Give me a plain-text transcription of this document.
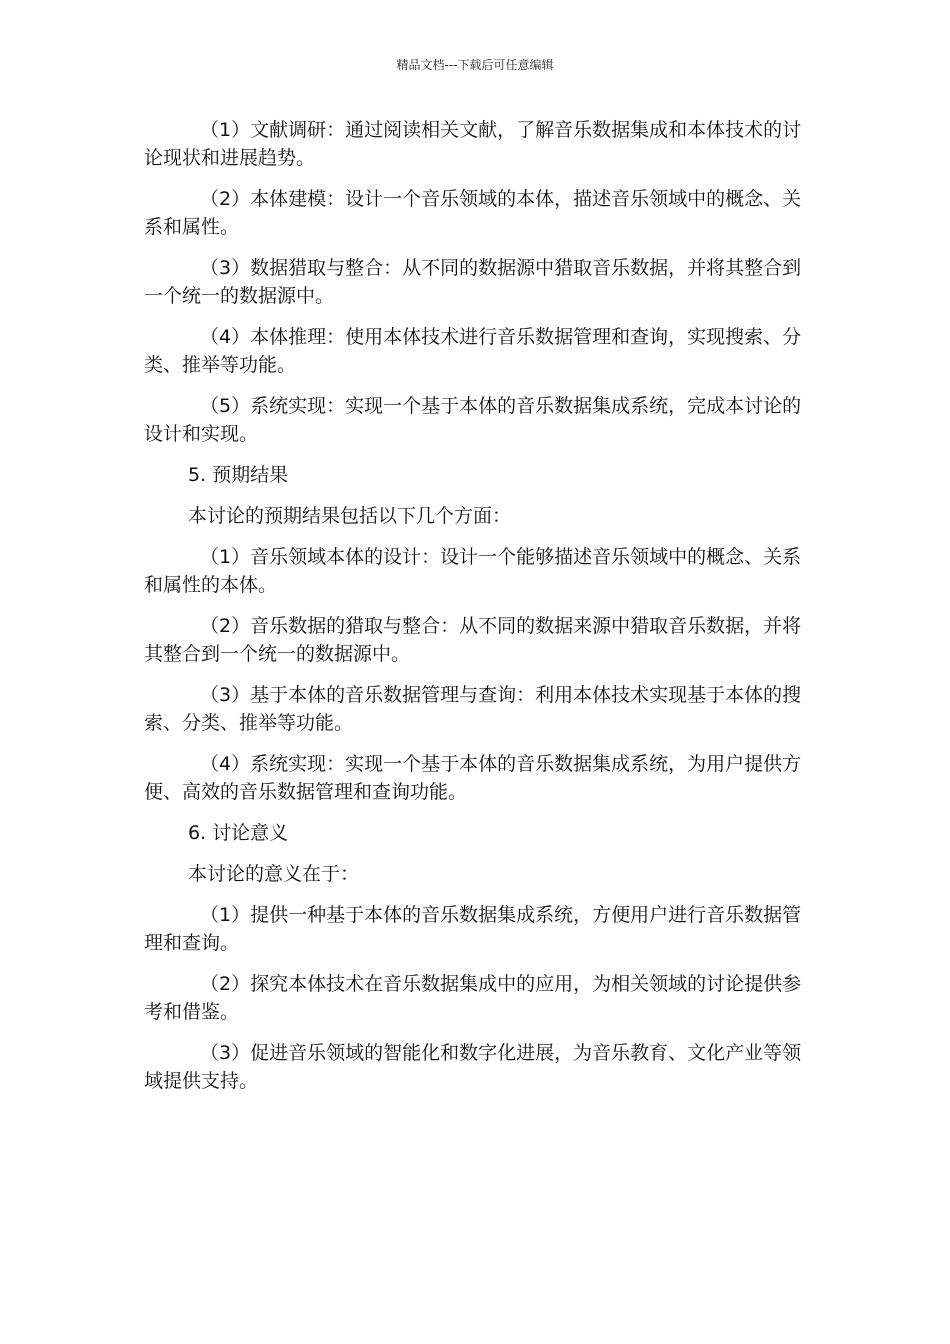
精品文档---下载后可任意编辑

（1）文献调研：通过阅读相关文献，了解音乐数据集成和本体技术的讨论现状和进展趋势。

（2）本体建模：设计一个音乐领域的本体，描述音乐领域中的概念、关系和属性。

（3）数据猎取与整合：从不同的数据源中猎取音乐数据，并将其整合到一个统一的数据源中。

（4）本体推理：使用本体技术进行音乐数据管理和查询，实现搜索、分类、推举等功能。

（5）系统实现：实现一个基于本体的音乐数据集成系统，完成本讨论的设计和实现。

5. 预期结果

本讨论的预期结果包括以下几个方面：

（1）音乐领域本体的设计：设计一个能够描述音乐领域中的概念、关系和属性的本体。

（2）音乐数据的猎取与整合：从不同的数据来源中猎取音乐数据，并将其整合到一个统一的数据源中。

（3）基于本体的音乐数据管理与查询：利用本体技术实现基于本体的搜索、分类、推举等功能。

（4）系统实现：实现一个基于本体的音乐数据集成系统，为用户提供方便、高效的音乐数据管理和查询功能。

6. 讨论意义

本讨论的意义在于：

（1）提供一种基于本体的音乐数据集成系统，方便用户进行音乐数据管理和查询。

（2）探究本体技术在音乐数据集成中的应用，为相关领域的讨论提供参考和借鉴。

（3）促进音乐领域的智能化和数字化进展，为音乐教育、文化产业等领域提供支持。
